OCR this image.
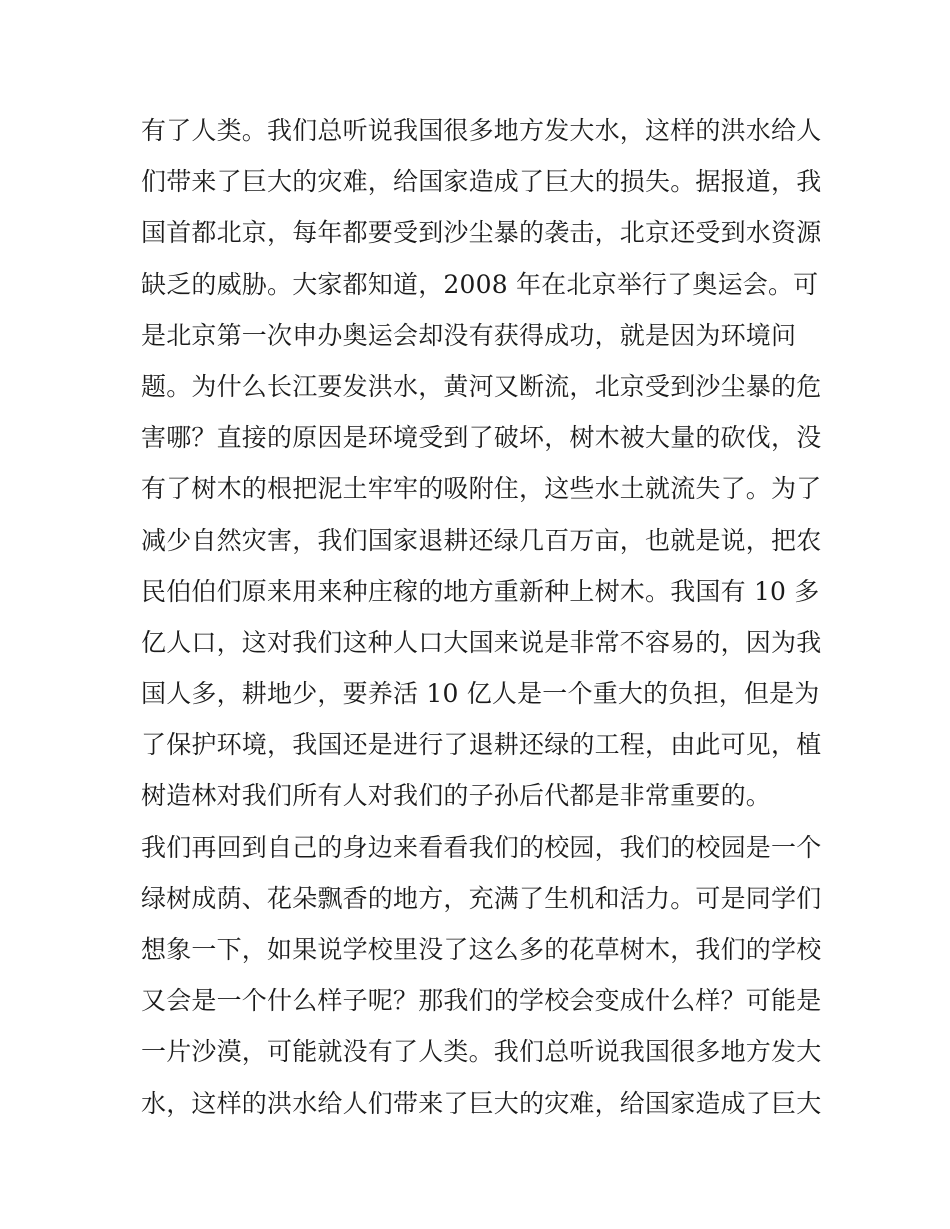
有了人类。我们总听说我国很多地方发大水，这样的洪水给人
们带来了巨大的灾难，给国家造成了巨大的损失。据报道，我
国首都北京，每年都要受到沙尘暴的袭击，北京还受到水资源
缺乏的威胁。大家都知道，2008 年在北京举行了奥运会。可
是北京第一次申办奥运会却没有获得成功，就是因为环境问
题。为什么长江要发洪水，黄河又断流，北京受到沙尘暴的危
害哪？直接的原因是环境受到了破坏，树木被大量的砍伐，没
有了树木的根把泥土牢牢的吸附住，这些水土就流失了。为了
减少自然灾害，我们国家退耕还绿几百万亩，也就是说，把农
民伯伯们原来用来种庄稼的地方重新种上树木。我国有 10 多
亿人口，这对我们这种人口大国来说是非常不容易的，因为我
国人多，耕地少，要养活 10 亿人是一个重大的负担，但是为
了保护环境，我国还是进行了退耕还绿的工程，由此可见，植
树造林对我们所有人对我们的子孙后代都是非常重要的。
我们再回到自己的身边来看看我们的校园，我们的校园是一个
绿树成荫、花朵飘香的地方，充满了生机和活力。可是同学们
想象一下，如果说学校里没了这么多的花草树木，我们的学校
又会是一个什么样子呢？那我们的学校会变成什么样？可能是
一片沙漠，可能就没有了人类。我们总听说我国很多地方发大
水，这样的洪水给人们带来了巨大的灾难，给国家造成了巨大
